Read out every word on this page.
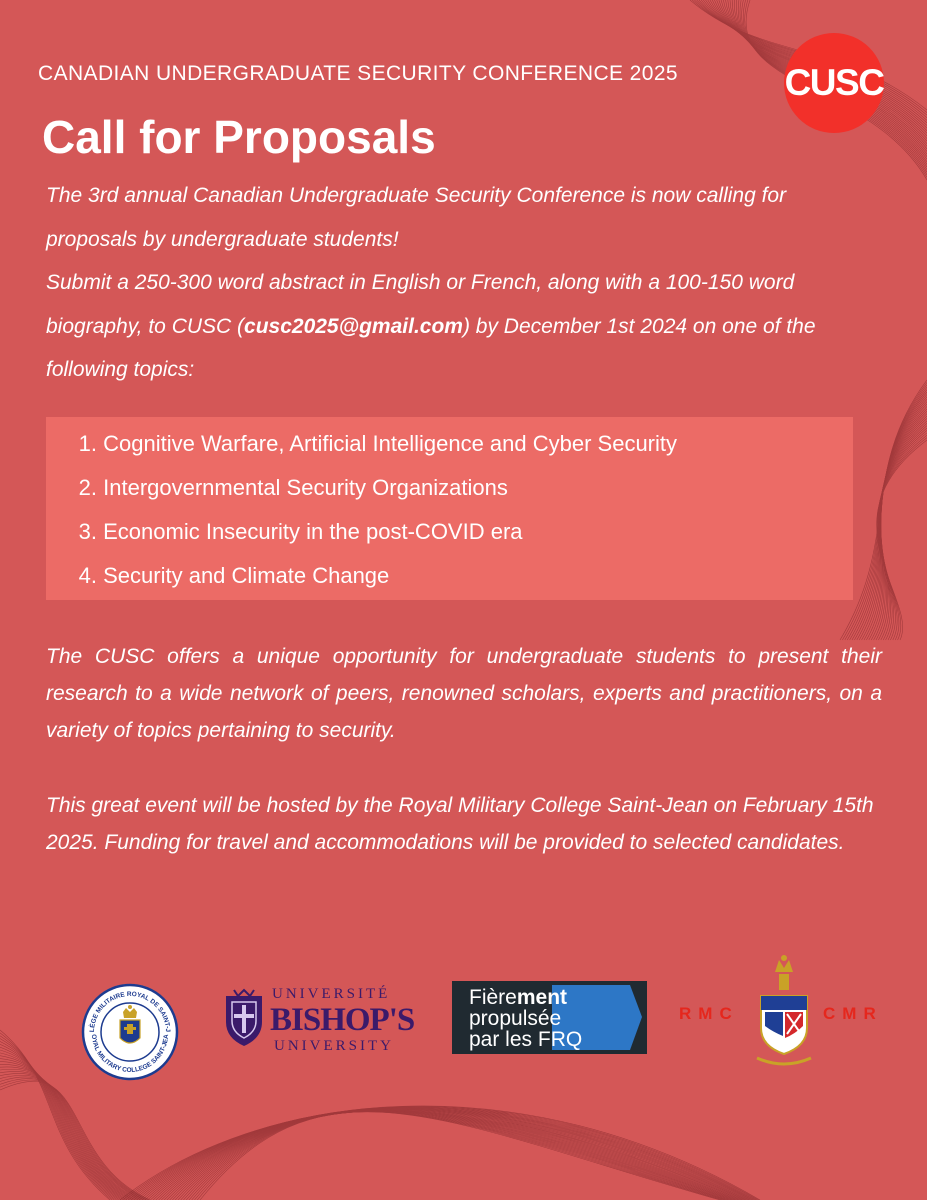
CANADIAN UNDERGRADUATE SECURITY CONFERENCE 2025	CUSC
Call for Proposals

The 3rd annual Canadian Undergraduate Security Conference is now calling for proposals by undergraduate students!

Submit a 250-300 word abstract in English or French, along with a 100-150 word biography, to CUSC (cusc2025@gmail.com) by December 1st 2024 on one of the following topics:

1.
Cognitive Warfare, Artificial Intelligence and Cyber Security
2.
Intergovernmental Security Organizations
3.
Economic Insecurity in the post-COVID era
4.
Security and Climate Change

The CUSC offers a unique opportunity for undergraduate students to present their research to a wide network of peers, renowned scholars, experts and practitioners, on a variety of topics pertaining to security.

This great event will be hosted by the Royal Military College Saint-Jean on February 15th 2025. Funding for travel and accommodations will be provided to selected candidates.

LÈGE MILITAIRE ROYAL DE SAINT-J
OYAL MILITARY COLLEGE SAINT-JEA
UNIVERSITÉ
BISHOP'S
UNIVERSITY
Fièrement
propulsée
par les FRQ
RMC	CMR
